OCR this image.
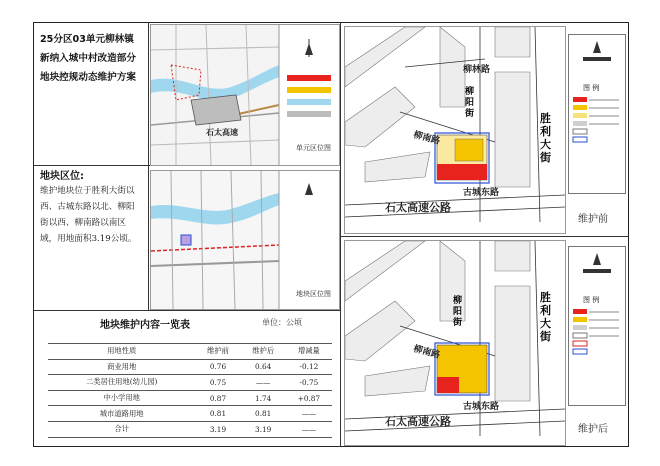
25分区03单元柳林镇
新纳入城中村改造部分
地块控规动态维护方案
地块区位:
维护地块位于胜利大街以西、古城东路以北、柳阳街以西、柳南路以南区域，用地面积3.19公顷。
石太高速
单元区位图
地块区位图
地块维护内容一览表	单位：公顷
用地性质	维护前	维护后	增减量
商业用地	0.76	0.64	-0.12
二类居住用地(幼儿园)	0.75	——	-0.75
中小学用地	0.87	1.74	+0.87
城市道路用地	0.81	0.81	——
合计	3.19	3.19	——
柳林路
柳南路
古城东路
石太高速公路
胜利大街
柳阳街
图 例
维护前
柳南路
古城东路
石太高速公路
胜利大街
柳阳街
图 例
维护后
